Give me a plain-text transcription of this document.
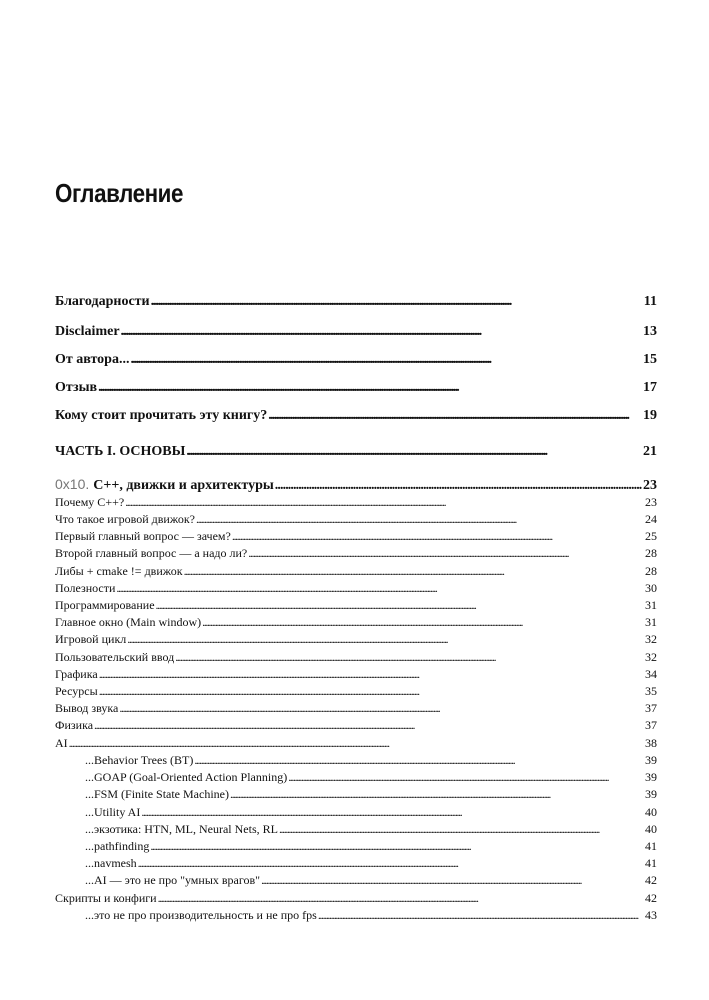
Оглавление
Благодарности . . .	11
Disclaimer . . .	13
От автора... . . .	15
Отзыв . . .	17
Кому стоит прочитать эту книгу? . . .	19
ЧАСТЬ I. ОСНОВЫ . . .	21
0x10. C++, движки и архитектуры . . .	23
Почему C++? . . .	23
Что такое игровой движок? . . .	24
Первый главный вопрос — зачем? . . .	25
Второй главный вопрос — а надо ли? . . .	28
Либы + cmake != движок . . .	28
Полезности . . .	30
Программирование . . .	31
Главное окно (Main window) . . .	31
Игровой цикл . . .	32
Пользовательский ввод . . .	32
Графика . . .	34
Ресурсы . . .	35
Вывод звука . . .	37
Физика . . .	37
AI . . .	38
...Behavior Trees (BT) . . .	39
...GOAP (Goal-Oriented Action Planning) . . .	39
...FSM (Finite State Machine) . . .	39
...Utility AI . . .	40
...экзотика: HTN, ML, Neural Nets, RL . . .	40
...pathfinding . . .	41
...navmesh . . .	41
...AI — это не про "умных врагов" . . .	42
Скрипты и конфиги . . .	42
...это не про производительность и не про fps . . .	43
